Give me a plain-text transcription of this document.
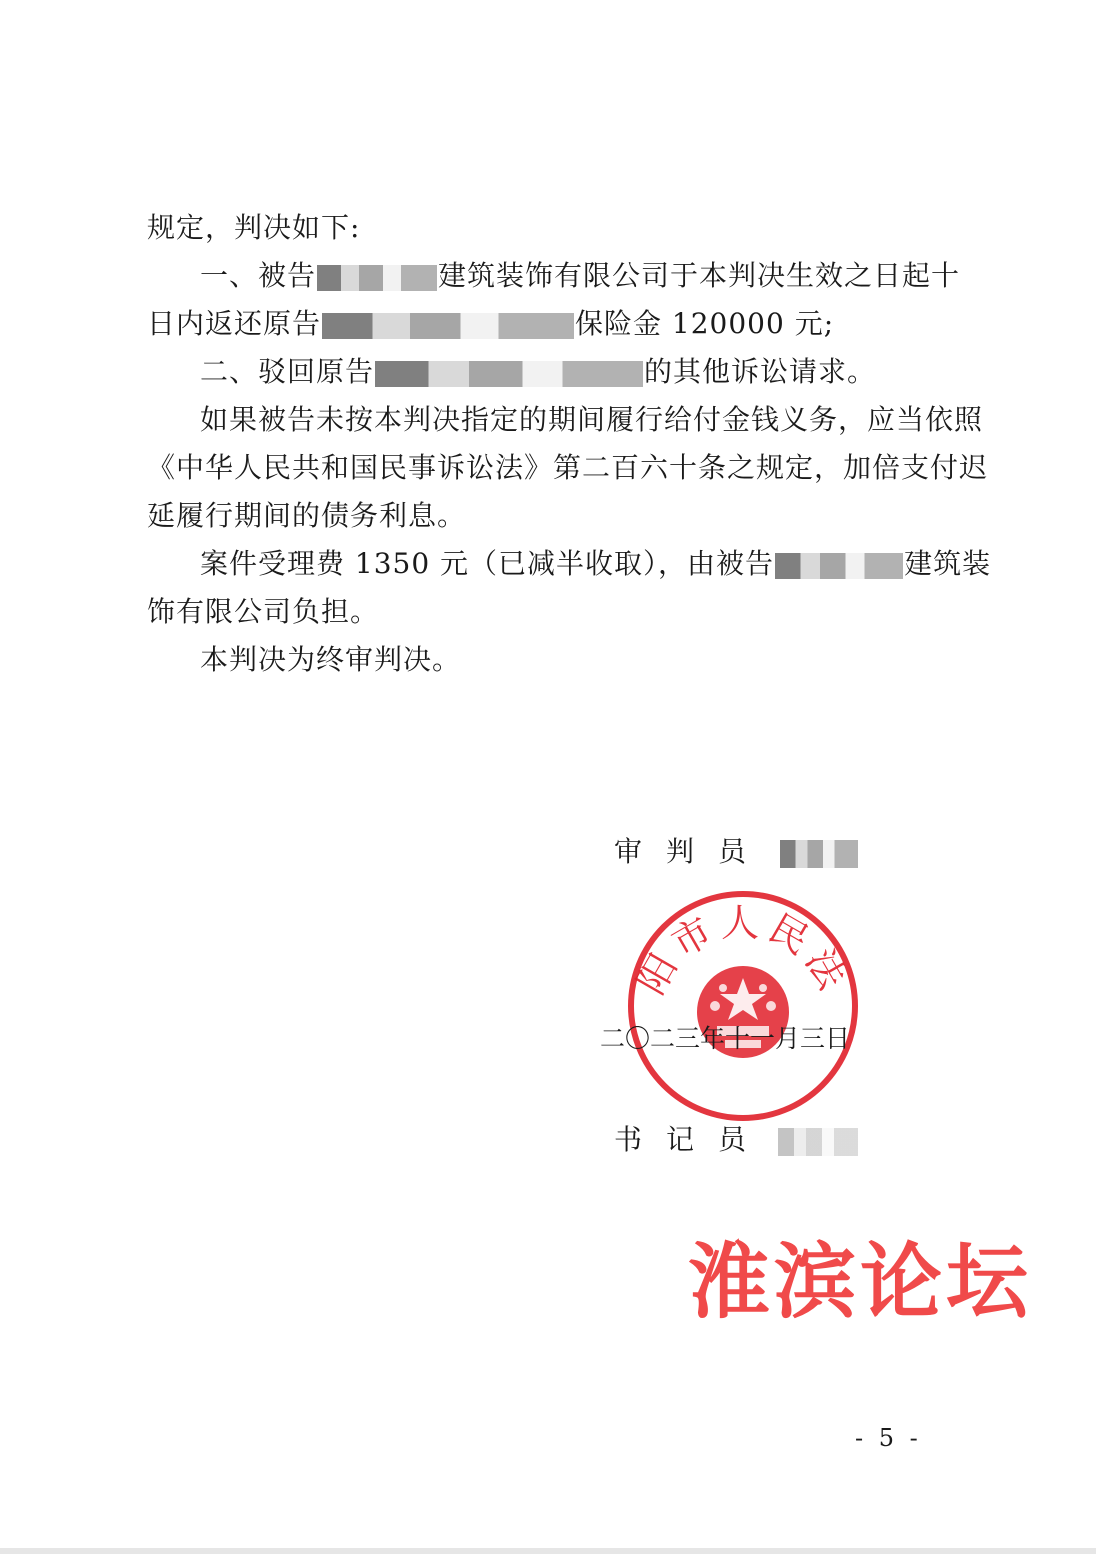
规定，判决如下:
一、被告	建筑装饰有限公司于本判决生效之日起十
日内返还原告	保险金 120000 元;
二、驳回原告	的其他诉讼请求。
如果被告未按本判决指定的期间履行给付金钱义务，应当依照
《中华人民共和国民事诉讼法》第二百六十条之规定，加倍支付迟
延履行期间的债务利息。
案件受理费 1350 元（已减半收取），由被告	建筑装
饰有限公司负担。
本判决为终审判决。
审判员
阳市人民法
二〇二三年十一月三日
书记员
淮滨论坛
- 5 -
